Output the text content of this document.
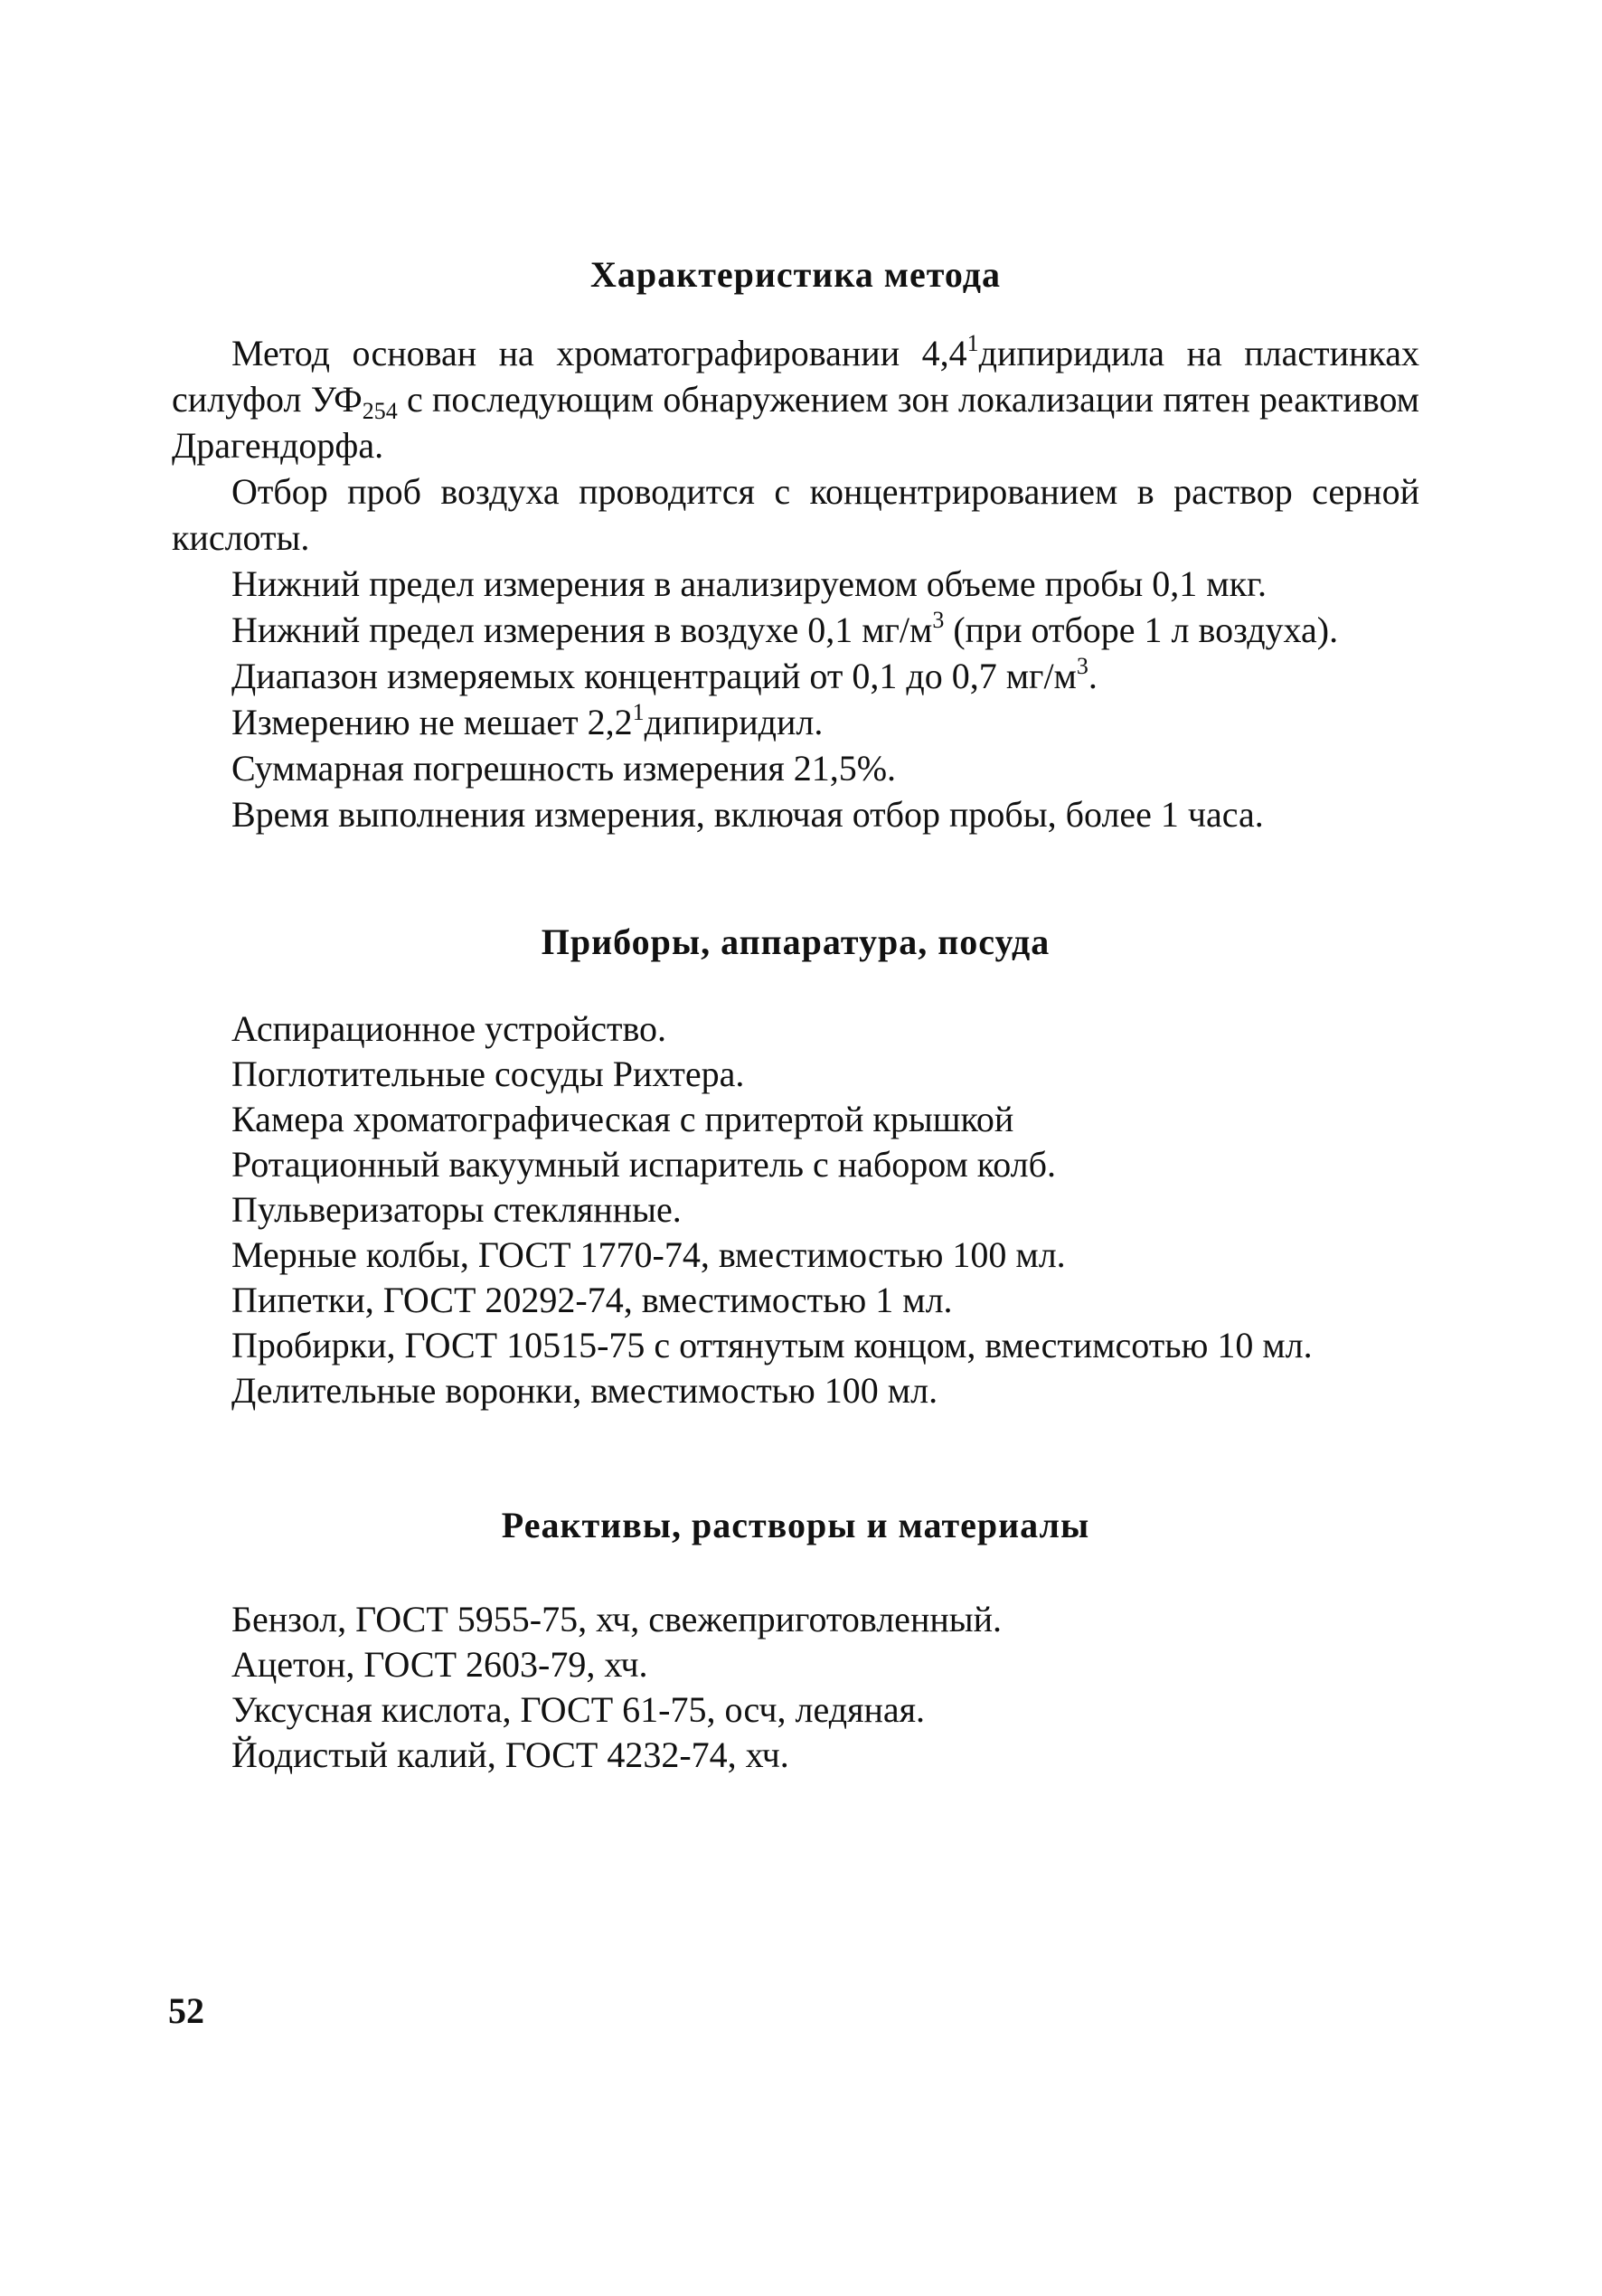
Характеристика метода

Метод основан на хроматографировании $4,4^1дипиридила$ на пластинках силуфол $УФ_{254}$ с последующим обнаружением зон локализации пятен реактивом Драгендорфа.

Отбор проб воздуха проводится с концентрированием в раствор серной кислоты.

Нижний предел измерения в анализируемом объеме пробы 0,1 мкг.

Нижний предел измерения в воздухе 0,1 $мг/м^3$ (при отборе 1 л воздуха).

Диапазон измеряемых концентраций от 0,1 до 0,7 $мг/м^3$.

Измерению не мешает $2,2^1дипиридил$.

Суммарная погрешность измерения 21,5%.

Время выполнения измерения, включая отбор пробы, более 1 часа.

Приборы, аппаратура, посуда

Аспирационное устройство.

Поглотительные сосуды Рихтера.

Камера хроматографическая с притертой крышкой

Ротационный вакуумный испаритель с набором колб.

Пульверизаторы стеклянные.

Мерные колбы, ГОСТ 1770-74, вместимостью 100 мл.

Пипетки, ГОСТ 20292-74, вместимостью 1 мл.

Пробирки, ГОСТ 10515-75 с оттянутым концом, вместимсотью 10 мл.

Делительные воронки, вместимостью 100 мл.

Реактивы, растворы и материалы

Бензол, ГОСТ 5955-75, хч, свежеприготовленный.

Ацетон, ГОСТ 2603-79, хч.

Уксусная кислота, ГОСТ 61-75, осч, ледяная.

Йодистый калий, ГОСТ 4232-74, хч.

52
